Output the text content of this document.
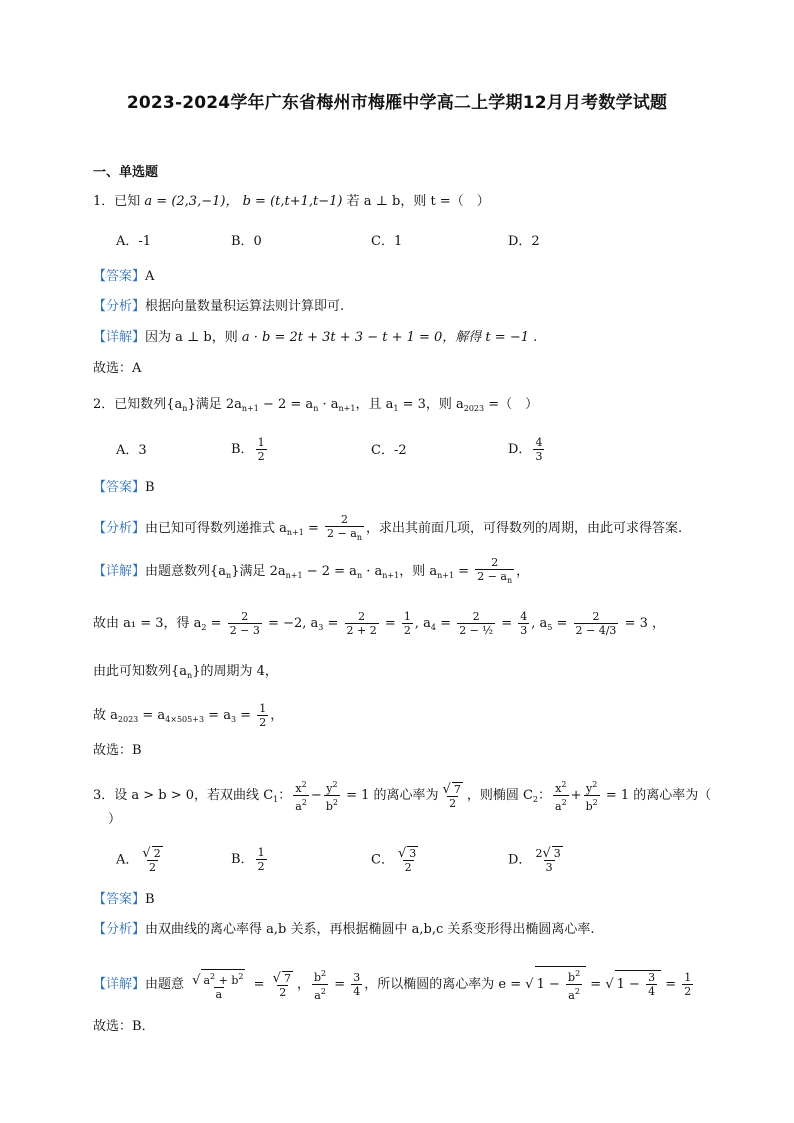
2023-2024学年广东省梅州市梅雁中学高二上学期12月月考数学试题
一、单选题
1．已知 a = (2,3,−1)， b = (t,t+1,t−1) 若 a ⊥ b，则 t =（　）
A．-1	B．0	C．1	D．2
【答案】A
【分析】根据向量数量积运算法则计算即可.
【详解】因为 a ⊥ b，则 a · b = 2t + 3t + 3 − t + 1 = 0，解得 t = −1 .
故选：A
2．已知数列$\{a_n\}$满足 $2a_{n+1} - 2 = a_n \cdot a_{n+1}$，且 $a_1 = 3$，则 $a_{2023}$ =（　）
A．3	B． $\frac{1}{2}$	C．-2	D． $\frac{4}{3}$
【答案】B
【分析】由已知可得数列递推式 $a_{n+1} = \frac{2}{2 - a_n}$ ，求出其前面几项，可得数列的周期，由此可求得答案.
【详解】由题意数列$\{a_n\}$满足 $2a_{n+1} - 2 = a_n \cdot a_{n+1}$，则 $a_{n+1} = \frac{2}{2 - a_n}$ ，
故由 a₁ = 3，得 $a_2 = \frac{2}{2 - 3} = -2$, $a_3 = \frac{2}{2 + 2} = \frac{1}{2}$ , $a_4 = \frac{2}{\text{2 − ½}} = \frac{4}{3}$ , $a_5 = \frac{2}{2 - 4/3} = 3$ ，
由此可知数列$\{a_n\}$的周期为 4，
故 $a_{2023} = a_{4\times 505+3} = a_3 = \frac{1}{2}$ ，
故选：B
3．设 a > b > 0，若双曲线 $C_1$： $\frac{x^2}{a^2} - \frac{y^2}{b^2} = 1$ 的离心率为 $\frac{√ 7}{2}$ ，则椭圆 $C_2$： $\frac{x^2}{a^2} + \frac{y^2}{b^2} = 1$ 的离心率为（
）
A． $\frac{√ 2}{2}$	B． $\frac{1}{2}$	C． $\frac{√ 3}{2}$	D． $\frac{2√ 3}{3}$
【答案】B
【分析】由双曲线的离心率得 a,b 关系，再根据椭圆中 a,b,c 关系变形得出椭圆离心率.
【详解】由题意 $\frac{√ a^2 + b^2}{a} = \frac{√ 7}{2}$ ， $\frac{b^2}{a^2} = \frac{3}{4}$ ，所以椭圆的离心率为 e = √ $1 - \frac{b^2}{a^2}$ = √ $1 - \frac{3}{4} = \frac{1}{2}$
故选：B．
